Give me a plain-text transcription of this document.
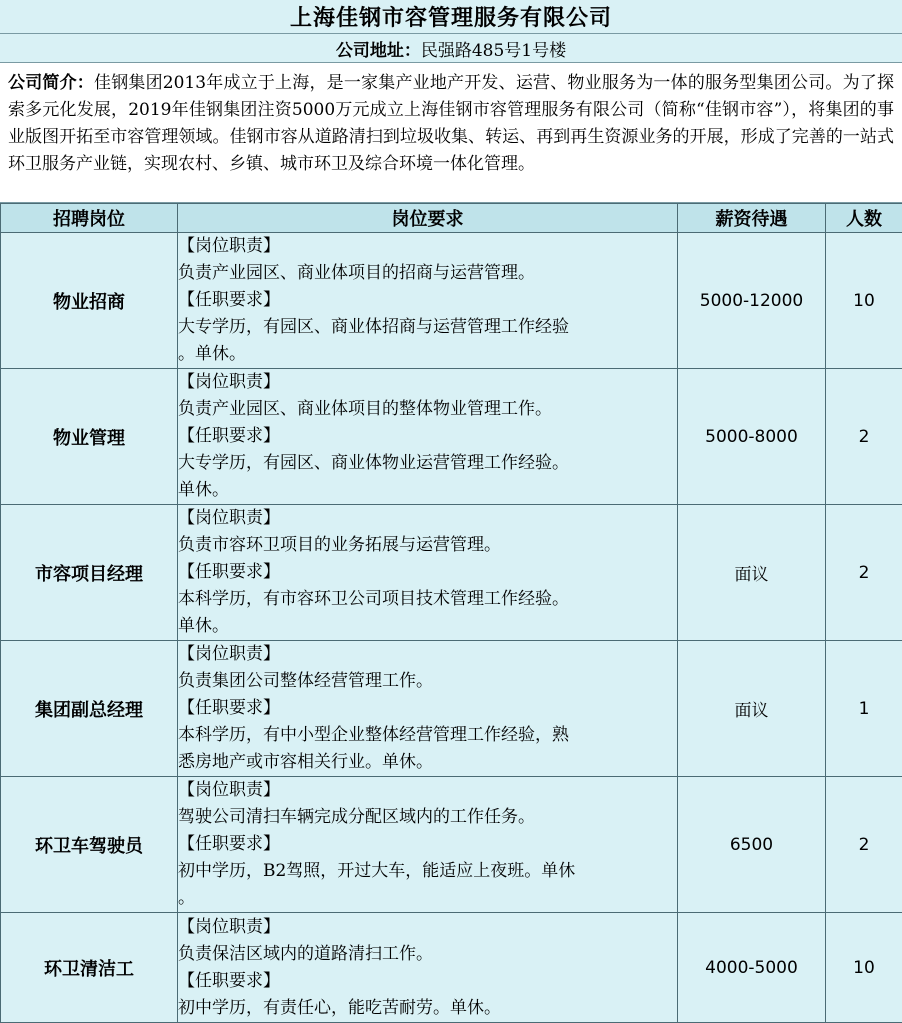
上海佳钢市容管理服务有限公司
公司地址： 民强路485号1号楼
公司简介：佳钢集团2013年成立于上海，是一家集产业地产开发、运营、物业服务为一体的服务型集团公司。为了探索多元化发展，2019年佳钢集团注资5000万元成立上海佳钢市容管理服务有限公司（简称“佳钢市容”），将集团的事业版图开拓至市容管理领域。佳钢市容从道路清扫到垃圾收集、转运、再到再生资源业务的开展，形成了完善的一站式环卫服务产业链，实现农村、乡镇、城市环卫及综合环境一体化管理。
招聘岗位	岗位要求	薪资待遇	人数
物业招商	【岗位职责】
负责产业园区、商业体项目的招商与运营管理。
【任职要求】
大专学历，有园区、商业体招商与运营管理工作经验
。单休。	5000-12000	10
物业管理	【岗位职责】
负责产业园区、商业体项目的整体物业管理工作。
【任职要求】
大专学历，有园区、商业体物业运营管理工作经验。
单休。	5000-8000	2
市容项目经理	【岗位职责】
负责市容环卫项目的业务拓展与运营管理。
【任职要求】
本科学历，有市容环卫公司项目技术管理工作经验。
单休。	面议	2
集团副总经理	【岗位职责】
负责集团公司整体经营管理工作。
【任职要求】
本科学历，有中小型企业整体经营管理工作经验，熟
悉房地产或市容相关行业。单休。	面议	1
环卫车驾驶员	【岗位职责】
驾驶公司清扫车辆完成分配区域内的工作任务。
【任职要求】
初中学历，B2驾照，开过大车，能适应上夜班。单休
。	6500	2
环卫清洁工	【岗位职责】
负责保洁区域内的道路清扫工作。
【任职要求】
初中学历，有责任心，能吃苦耐劳。单休。	4000-5000	10
